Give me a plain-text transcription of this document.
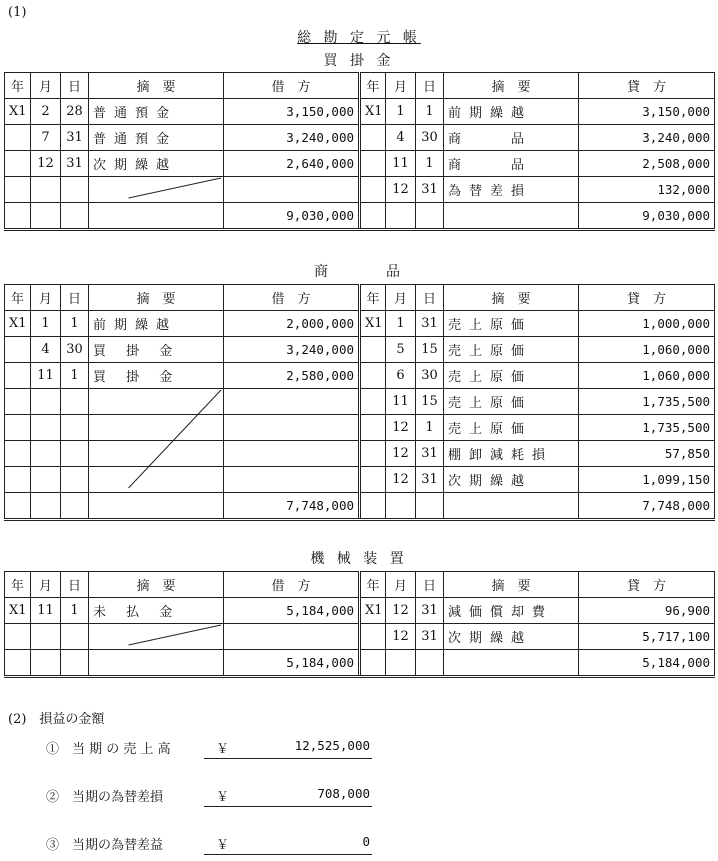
(1)
総 勘 定 元 帳
買 掛 金
年	月	日	摘　要	借　方	年	月	日	摘　要	貸　方
X1	2	28	普通預金	3,150,000	X1	1	1	前期繰越	3,150,000
	7	31	普通預金	3,240,000		4	30	商　　品	3,240,000
	12	31	次期繰越	2,640,000		11	1	商　　品	2,508,000
						12	31	為替差損	132,000
				9,030,000					9,030,000
商　　　品
年	月	日	摘　要	借　方	年	月	日	摘　要	貸　方
X1	1	1	前期繰越	2,000,000	X1	1	31	売上原価	1,000,000
	4	30	買 掛 金	3,240,000		5	15	売上原価	1,060,000
	11	1	買 掛 金	2,580,000		6	30	売上原価	1,060,000
						11	15	売上原価	1,735,500
						12	1	売上原価	1,735,500
						12	31	棚卸減耗損	57,850
						12	31	次期繰越	1,099,150
				7,748,000					7,748,000
機 械 装 置
年	月	日	摘　要	借　方	年	月	日	摘　要	貸　方
X1	11	1	未 払 金	5,184,000	X1	12	31	減価償却費	96,900
						12	31	次期繰越	5,717,100
				5,184,000					5,184,000
(2)　損益の金額
①　当 期 の 売 上 高	￥	12,525,000
②　当期の為替差損	￥	708,000
③　当期の為替差益	￥	0
